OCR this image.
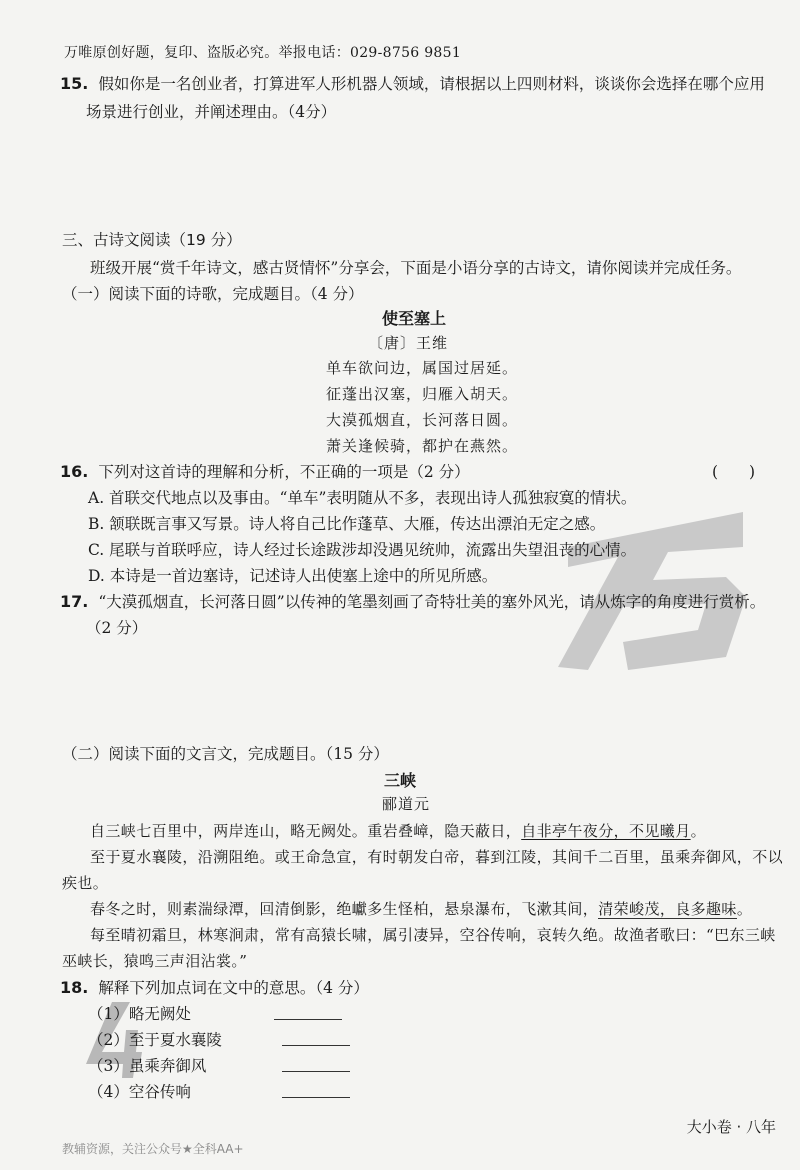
万唯原创好题，复印、盗版必究。举报电话：029-8756 9851
15. 假如你是一名创业者，打算进军人形机器人领域，请根据以上四则材料，谈谈你会选择在哪个应用
场景进行创业，并阐述理由。（4分）
三、古诗文阅读（19 分）
班级开展“赏千年诗文，感古贤情怀”分享会，下面是小语分享的古诗文，请你阅读并完成任务。
（一）阅读下面的诗歌，完成题目。（4 分）
使至塞上
〔唐〕王维
单车欲问边，属国过居延。
征蓬出汉塞，归雁入胡天。
大漠孤烟直，长河落日圆。
萧关逢候骑，都护在燕然。
16. 下列对这首诗的理解和分析，不正确的一项是（2 分）	(　　)
A. 首联交代地点以及事由。“单车”表明随从不多，表现出诗人孤独寂寞的情状。
B. 颔联既言事又写景。诗人将自己比作蓬草、大雁，传达出漂泊无定之感。
C. 尾联与首联呼应，诗人经过长途跋涉却没遇见统帅，流露出失望沮丧的心情。
D. 本诗是一首边塞诗，记述诗人出使塞上途中的所见所感。
17. “大漠孤烟直，长河落日圆”以传神的笔墨刻画了奇特壮美的塞外风光，请从炼字的角度进行赏析。
（2 分）
（二）阅读下面的文言文，完成题目。（15 分）
三峡
郦道元
自三峡七百里中，两岸连山，略无阙处。重岩叠嶂，隐天蔽日，自非亭午夜分，不见曦月。
至于夏水襄陵，沿溯阻绝。或王命急宣，有时朝发白帝，暮到江陵，其间千二百里，虽乘奔御风，不以
疾也。
春冬之时，则素湍绿潭，回清倒影，绝巘多生怪柏，悬泉瀑布，飞漱其间，清荣峻茂，良多趣味。
每至晴初霜旦，林寒涧肃，常有高猿长啸，属引凄异，空谷传响，哀转久绝。故渔者歌曰：“巴东三峡
巫峡长，猿鸣三声泪沾裳。”
18. 解释下列加点词在文中的意思。（4 分）
（1）略无阙处
（2）至于夏水襄陵
（3）虽乘奔御风
（4）空谷传响
大小卷 · 八年
教辅资源，关注公众号★全科AA+
